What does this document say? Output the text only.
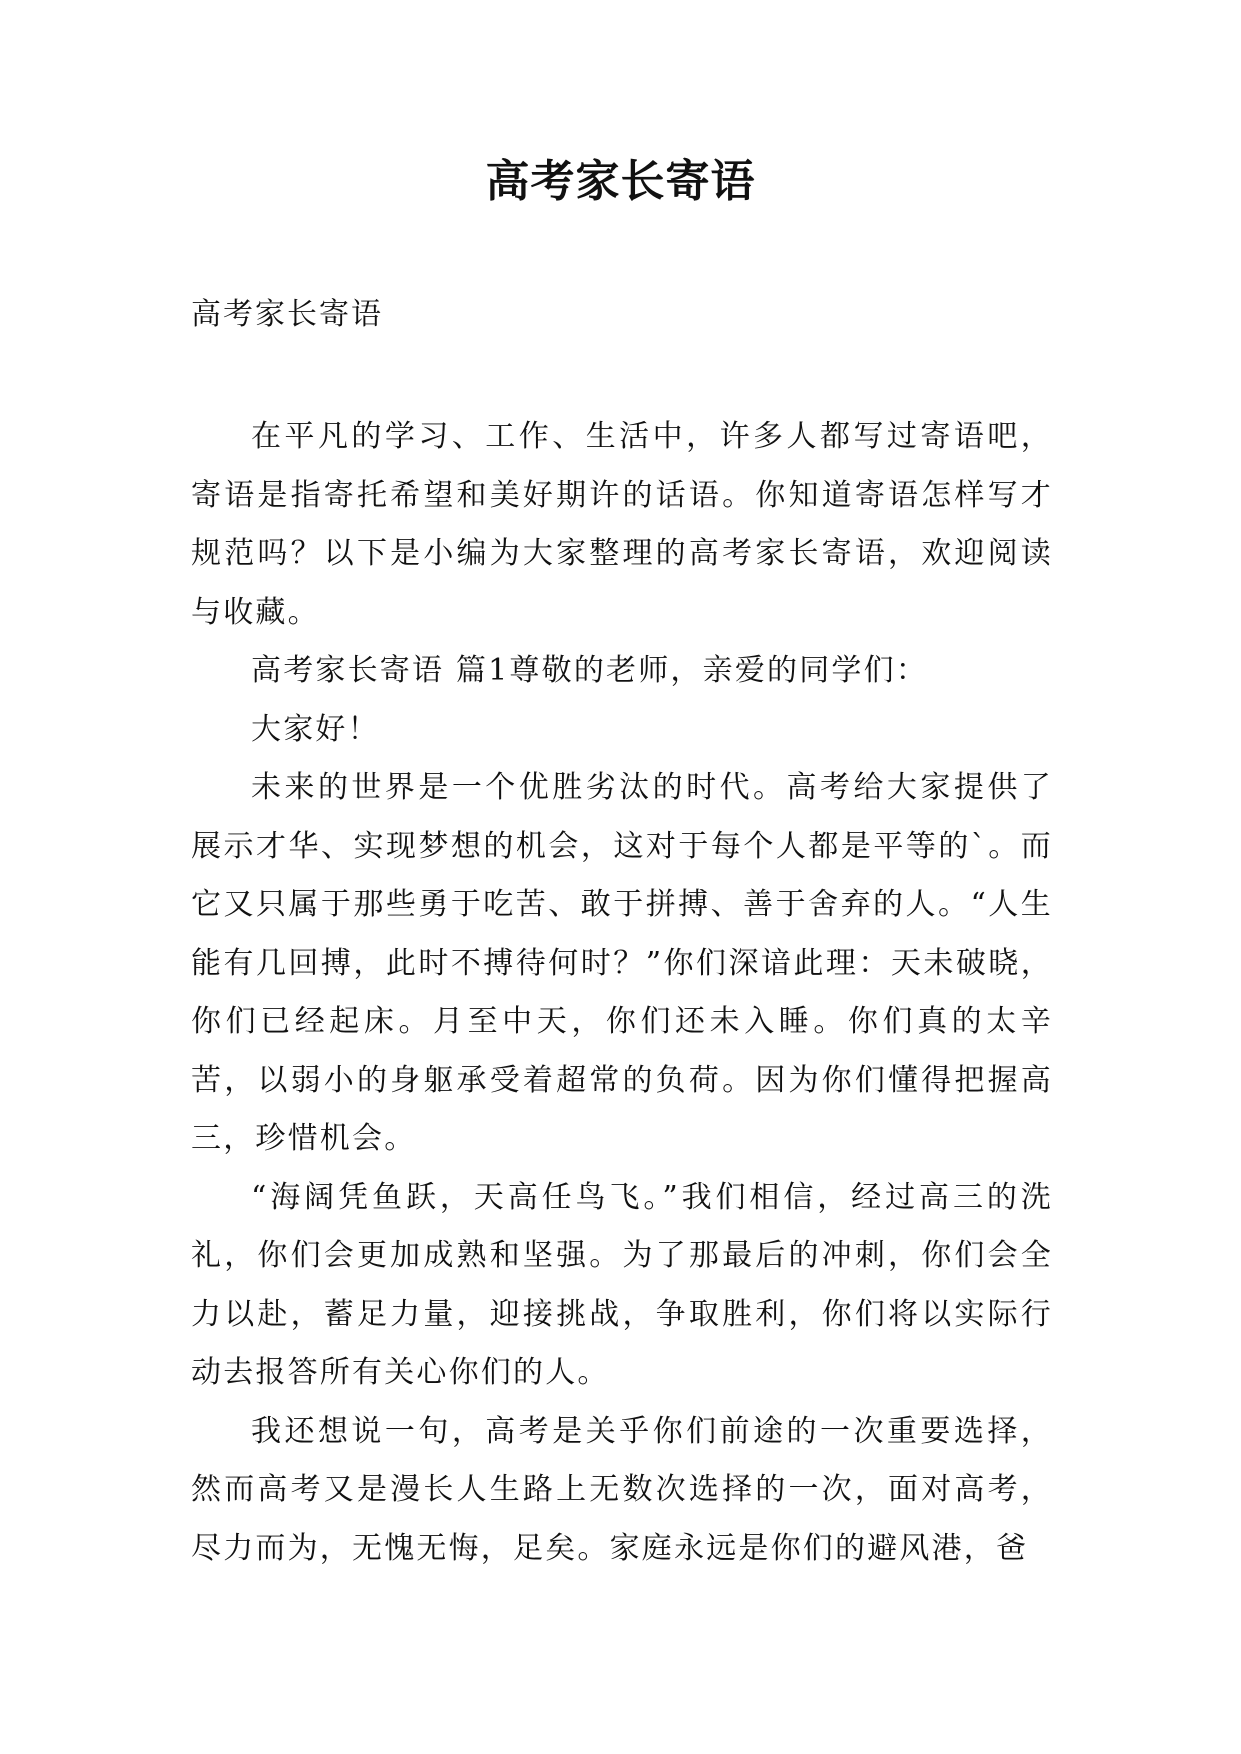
高考家长寄语
高考家长寄语

在平凡的学习、工作、生活中，许多人都写过寄语吧，寄语是指寄托希望和美好期许的话语。你知道寄语怎样写才规范吗？以下是小编为大家整理的高考家长寄语，欢迎阅读与收藏。

高考家长寄语 篇1尊敬的老师，亲爱的同学们：

大家好！

未来的世界是一个优胜劣汰的时代。高考给大家提供了展示才华、实现梦想的机会，这对于每个人都是平等的`。而它又只属于那些勇于吃苦、敢于拼搏、善于舍弃的人。“人生能有几回搏，此时不搏待何时？”你们深谙此理：天未破晓，你们已经起床。月至中天，你们还未入睡。你们真的太辛苦，以弱小的身躯承受着超常的负荷。因为你们懂得把握高三，珍惜机会。

“海阔凭鱼跃，天高任鸟飞。”我们相信，经过高三的洗礼，你们会更加成熟和坚强。为了那最后的冲刺，你们会全力以赴，蓄足力量，迎接挑战，争取胜利，你们将以实际行动去报答所有关心你们的人。

我还想说一句，高考是关乎你们前途的一次重要选择，然而高考又是漫长人生路上无数次选择的一次，面对高考，尽力而为，无愧无悔，足矣。家庭永远是你们的避风港，爸
